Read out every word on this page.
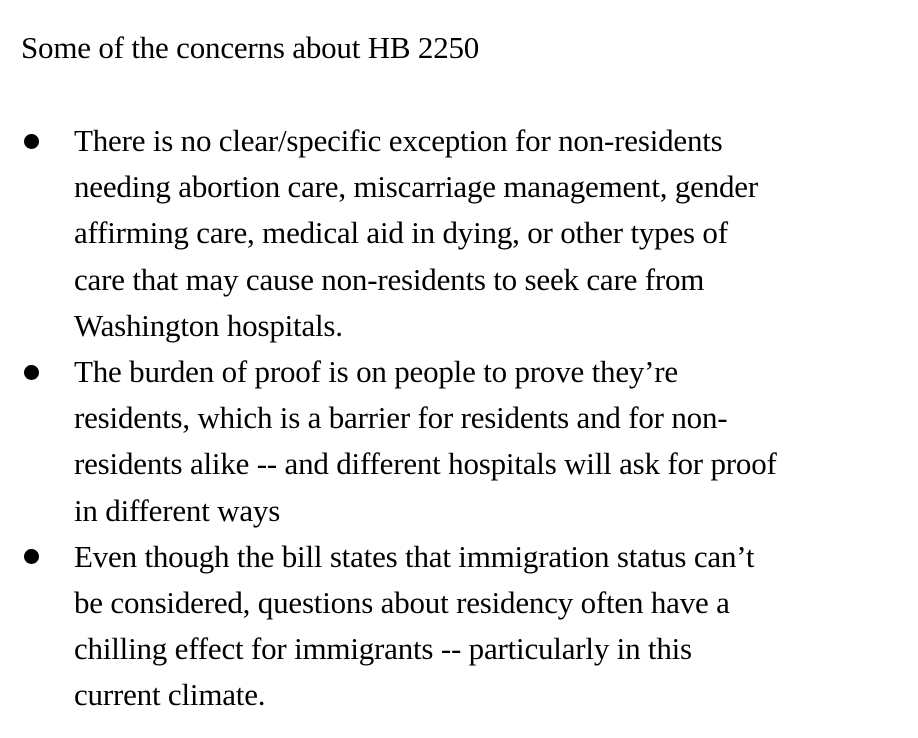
Some of the concerns about HB 2250
There is no clear/specific exception for non-residents
needing abortion care, miscarriage management, gender
affirming care, medical aid in dying, or other types of
care that may cause non-residents to seek care from
Washington hospitals.
The burden of proof is on people to prove they’re
residents, which is a barrier for residents and for non-
residents alike -- and different hospitals will ask for proof
in different ways
Even though the bill states that immigration status can’t
be considered, questions about residency often have a
chilling effect for immigrants -- particularly in this
current climate.
